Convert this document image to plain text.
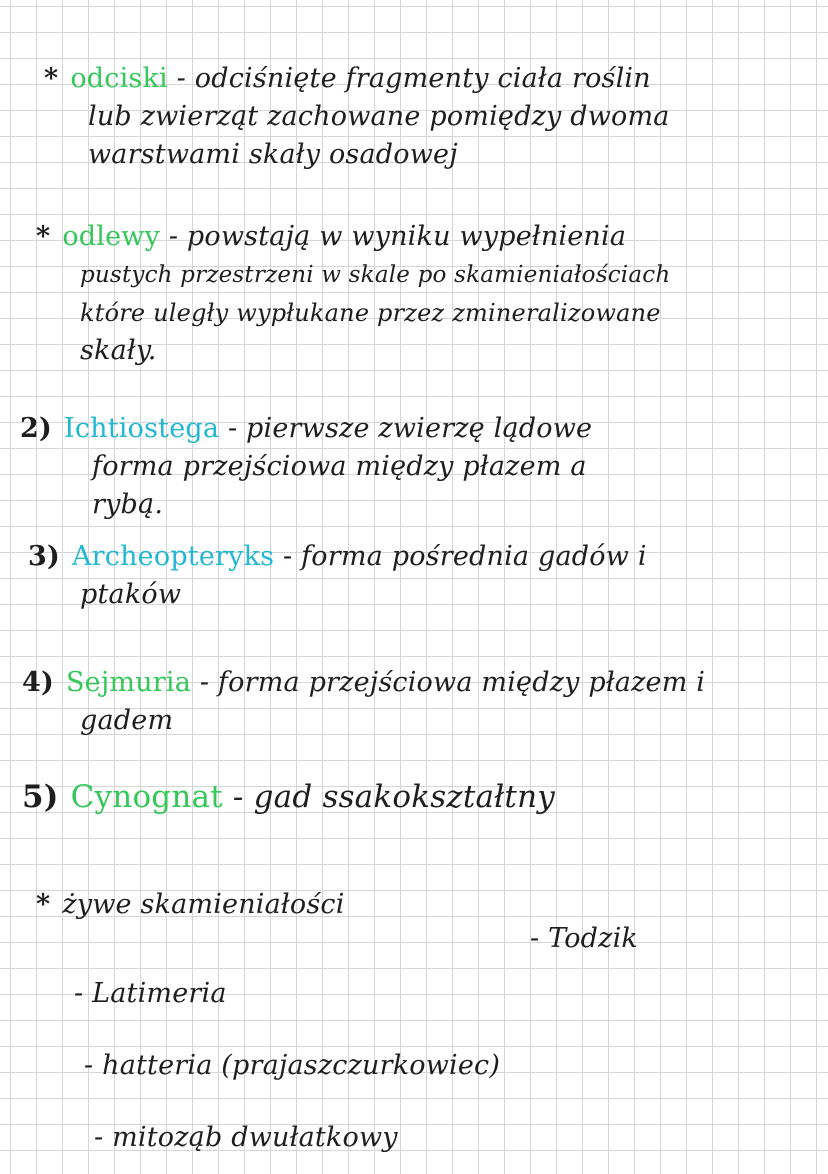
* odciski - odciśnięte fragmenty ciała roślin
lub zwierząt zachowane pomiędzy dwoma
warstwami skały osadowej
* odlewy - powstają w wyniku wypełnienia
pustych przestrzeni w skale po skamieniałościach
które uległy wypłukane przez zmineralizowane
skały.
2) Ichtiostega - pierwsze zwierzę lądowe
forma przejściowa między płazem a
rybą.
3) Archeopteryks - forma pośrednia gadów i
ptaków
4) Sejmuria - forma przejściowa między płazem i
gadem
5) Cynognat - gad ssakokształtny
* żywe skamieniałości
- Todzik
- Latimeria
- hatteria (prajaszczurkowiec)
- mitoząb dwułatkowy
